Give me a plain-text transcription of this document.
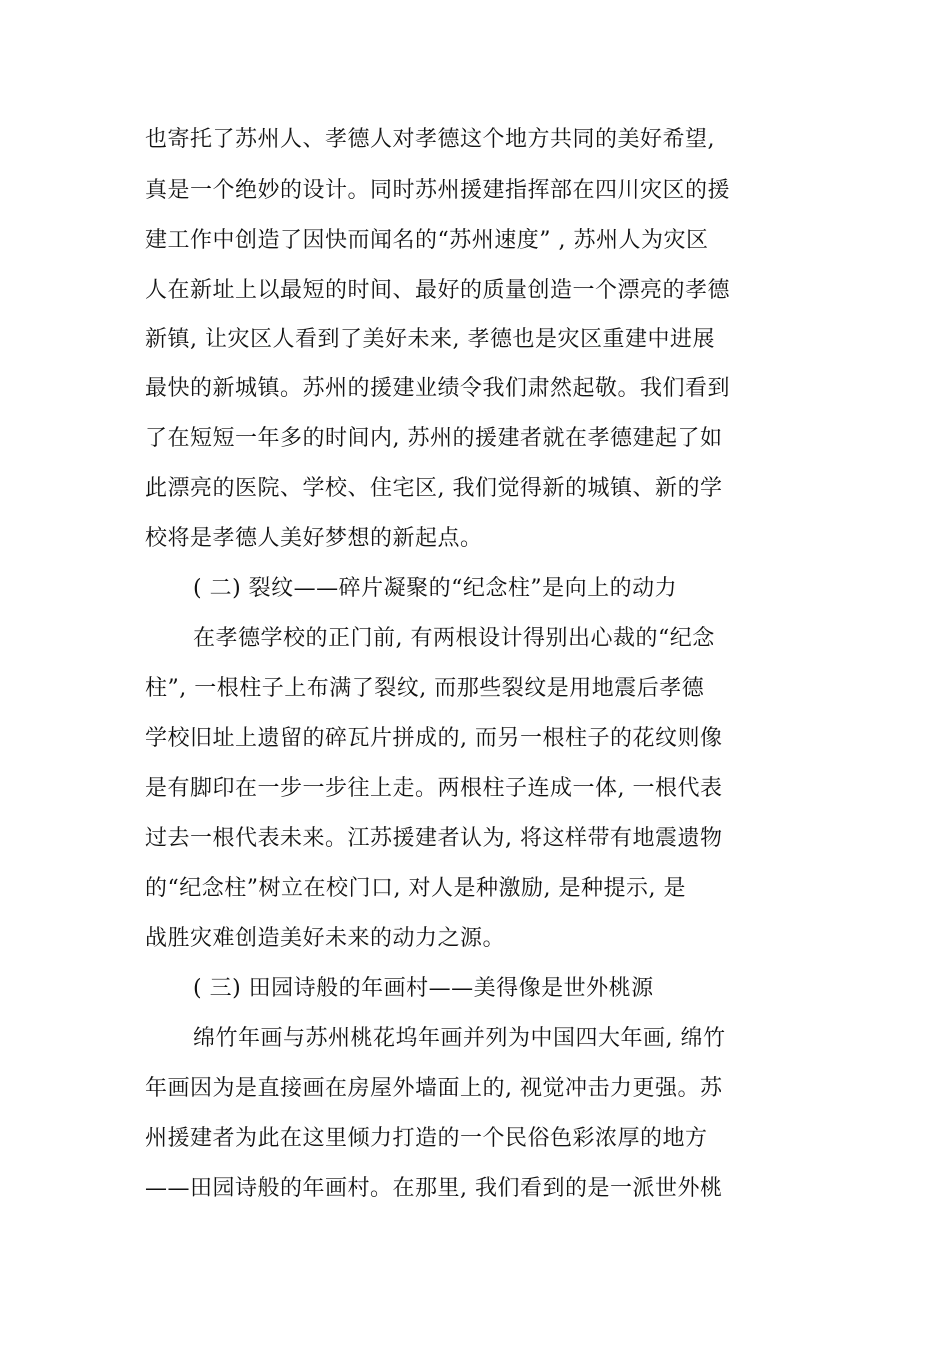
也寄托了苏州人、孝德人对孝德这个地方共同的美好希望,
真是一个绝妙的设计。同时苏州援建指挥部在四川灾区的援
建工作中创造了因快而闻名的“苏州速度” , 苏州人为灾区
人在新址上以最短的时间、最好的质量创造一个漂亮的孝德
新镇, 让灾区人看到了美好未来, 孝德也是灾区重建中进展
最快的新城镇。苏州的援建业绩令我们肃然起敬。我们看到
了在短短一年多的时间内, 苏州的援建者就在孝德建起了如
此漂亮的医院、学校、住宅区, 我们觉得新的城镇、新的学
校将是孝德人美好梦想的新起点。
( 二) 裂纹——碎片凝聚的“纪念柱”是向上的动力
在孝德学校的正门前, 有两根设计得别出心裁的“纪念
柱”, 一根柱子上布满了裂纹, 而那些裂纹是用地震后孝德
学校旧址上遗留的碎瓦片拼成的, 而另一根柱子的花纹则像
是有脚印在一步一步往上走。两根柱子连成一体, 一根代表
过去一根代表未来。江苏援建者认为, 将这样带有地震遗物
的“纪念柱”树立在校门口, 对人是种激励, 是种提示, 是
战胜灾难创造美好未来的动力之源。
( 三) 田园诗般的年画村——美得像是世外桃源
绵竹年画与苏州桃花坞年画并列为中国四大年画, 绵竹
年画因为是直接画在房屋外墙面上的, 视觉冲击力更强。苏
州援建者为此在这里倾力打造的一个民俗色彩浓厚的地方
——田园诗般的年画村。在那里, 我们看到的是一派世外桃
